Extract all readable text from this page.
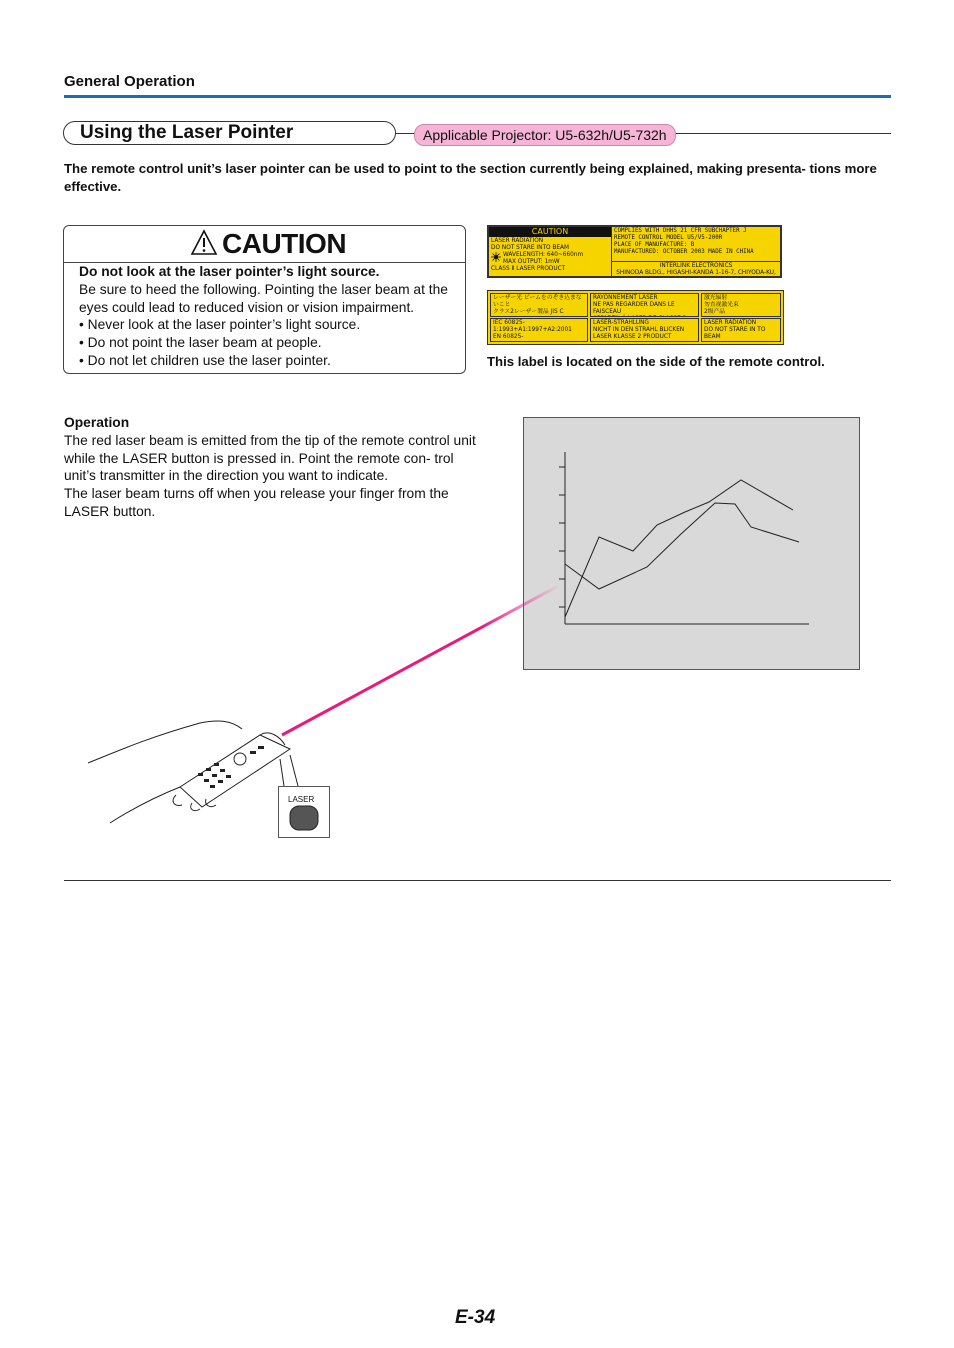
General Operation
Using the Laser Pointer	Applicable Projector: U5-632h/U5-732h
The remote control unit’s laser pointer can be used to point to the section currently being explained, making presenta- tions more effective.
CAUTION
Do not look at the laser pointer’s light source.
Be sure to heed the following. Pointing the laser beam at the eyes could lead to reduced vision or vision impairment.
• Never look at the laser pointer’s light source.
• Do not point the laser beam at people.
• Do not let children use the laser pointer.
CAUTION
LASER RADIATION
DO NOT STARE INTO BEAM
WAVELENGTH: 640~660nm
MAX OUTPUT: 1mW
CLASS Ⅱ LASER PRODUCT
COMPLIES WITH DHHS 21 CFR SUBCHAPTER J
REMOTE CONTROL MODEL U5/V5-200R
PLACE OF MANUFACTURE: B
MANUFACTURED: OCTOBER 2003 MADE IN CHINA
INTERLINK ELECTRONICS
SHINODA BLDG., HIGASHI-KANDA 1-16-7, CHIYODA-KU,
レーザー光 ビームをのぞき込まないこと
クラス2レーザー製品 JIS C
IEC 60825-1:1993+A1:1997+A2:2001
EN 60825-
RAYONNEMENT LASER
NE PAS REGARDER DANS LE FAISCEAU
LASER-STRAHLUNG
NICHT IN DEN STRAHL BLICKEN
LASER KLASSE 2 PRODUCT
激光辐射
勿直视激光束
2级产品
LASER RADIATION
DO NOT STARE IN TO BEAM
This label is located on the side of the remote control.
Operation
The red laser beam is emitted from the tip of the remote control unit while the LASER button is pressed in. Point the remote con- trol unit’s transmitter in the direction you want to indicate.
The laser beam turns off when you release your finger from the LASER button.
LASER
E-34
